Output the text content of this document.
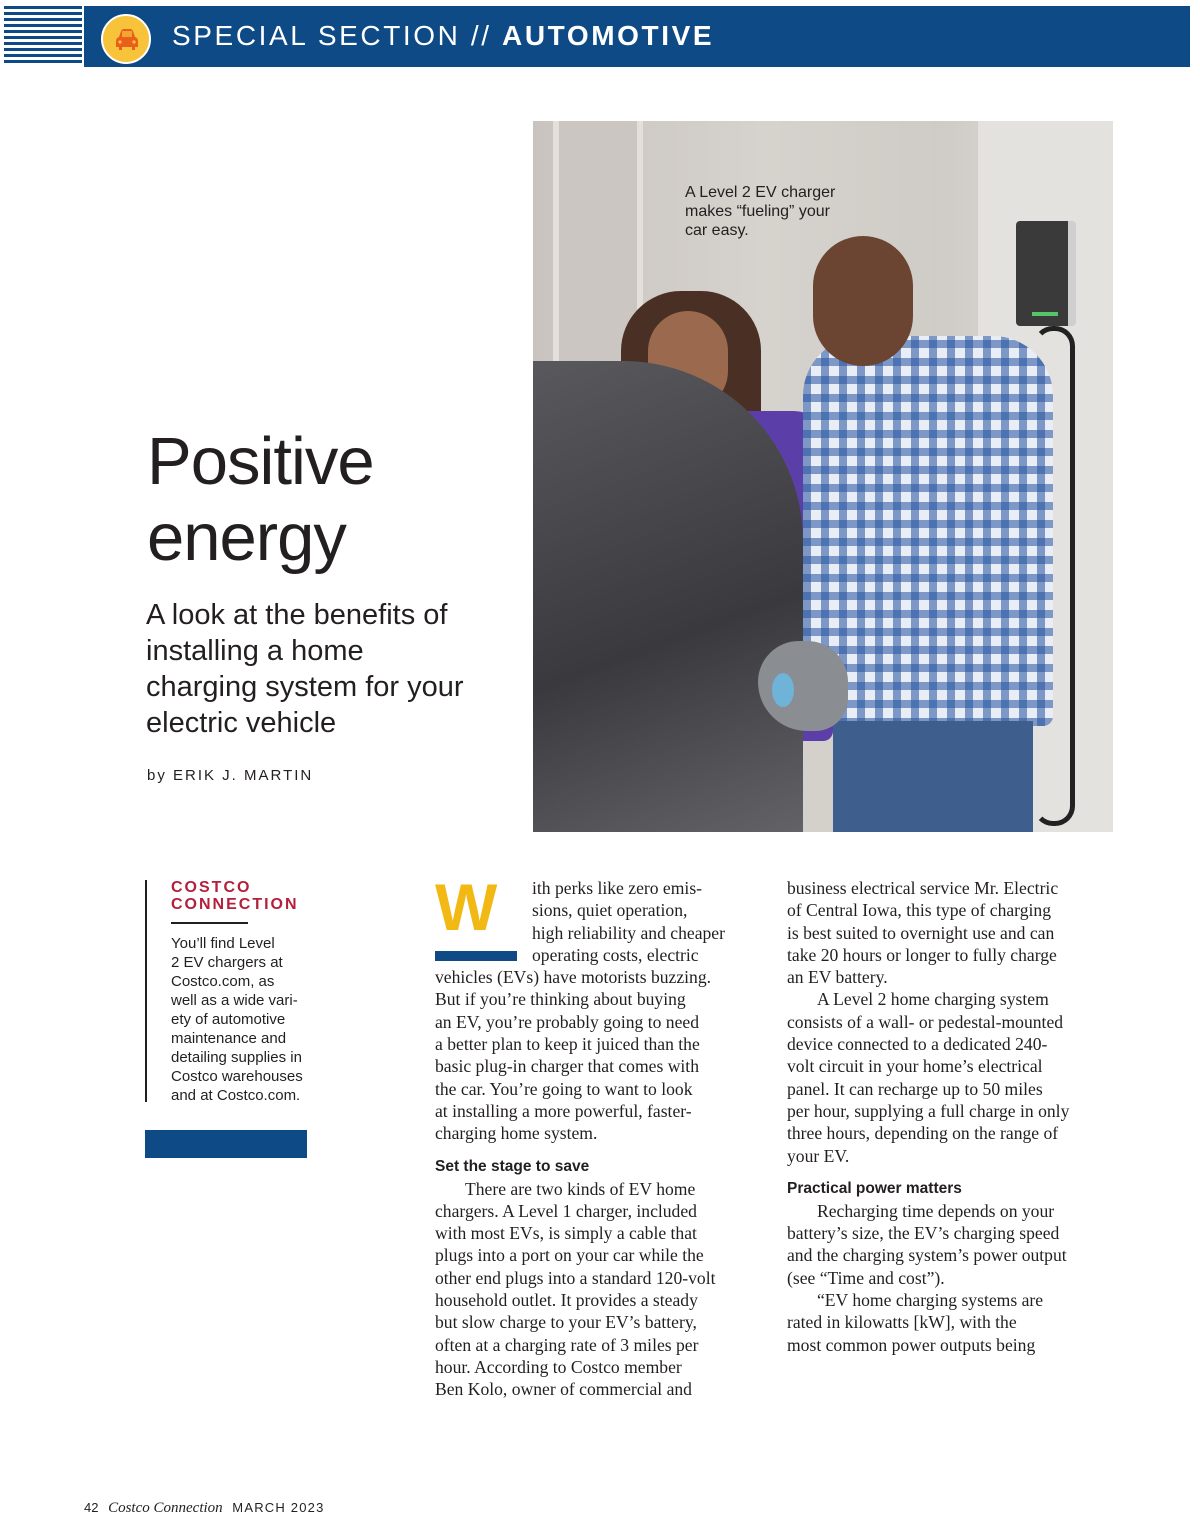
SPECIAL SECTION // AUTOMOTIVE
A Level 2 EV charger
makes “fueling” your
car easy.
Positive
energy
A look at the benefits of installing a home charging system for your electric vehicle
by ERIK J. MARTIN
COSTCO
CONNECTION
You’ll find Level
2 EV chargers at
Costco.com, as
well as a wide vari-
ety of automotive
maintenance and
detailing supplies in
Costco warehouses
and at Costco.com.
W	ith perks like zero emis-
sions, quiet operation,
high reliability and cheaper
operating costs, electric
vehicles (EVs) have motorists buzzing.
But if you’re thinking about buying
an EV, you’re probably going to need
a better plan to keep it juiced than the
basic plug-in charger that comes with
the car. You’re going to want to look
at installing a more powerful, faster-
charging home system.
Set the stage to save
There are two kinds of EV home
chargers. A Level 1 charger, included
with most EVs, is simply a cable that
plugs into a port on your car while the
other end plugs into a standard 120-volt
household outlet. It provides a steady
but slow charge to your EV’s battery,
often at a charging rate of 3 miles per
hour. According to Costco member
Ben Kolo, owner of commercial and
business electrical service Mr. Electric
of Central Iowa, this type of charging
is best suited to overnight use and can
take 20 hours or longer to fully charge
an EV battery.
A Level 2 home charging system
consists of a wall- or pedestal-mounted
device connected to a dedicated 240-
volt circuit in your home’s electrical
panel. It can recharge up to 50 miles
per hour, supplying a full charge in only
three hours, depending on the range of
your EV.
Practical power matters
Recharging time depends on your
battery’s size, the EV’s charging speed
and the charging system’s power output
(see “Time and cost”).
“EV home charging systems are
rated in kilowatts [kW], with the
most common power outputs being
42 Costco Connection MARCH 2023
